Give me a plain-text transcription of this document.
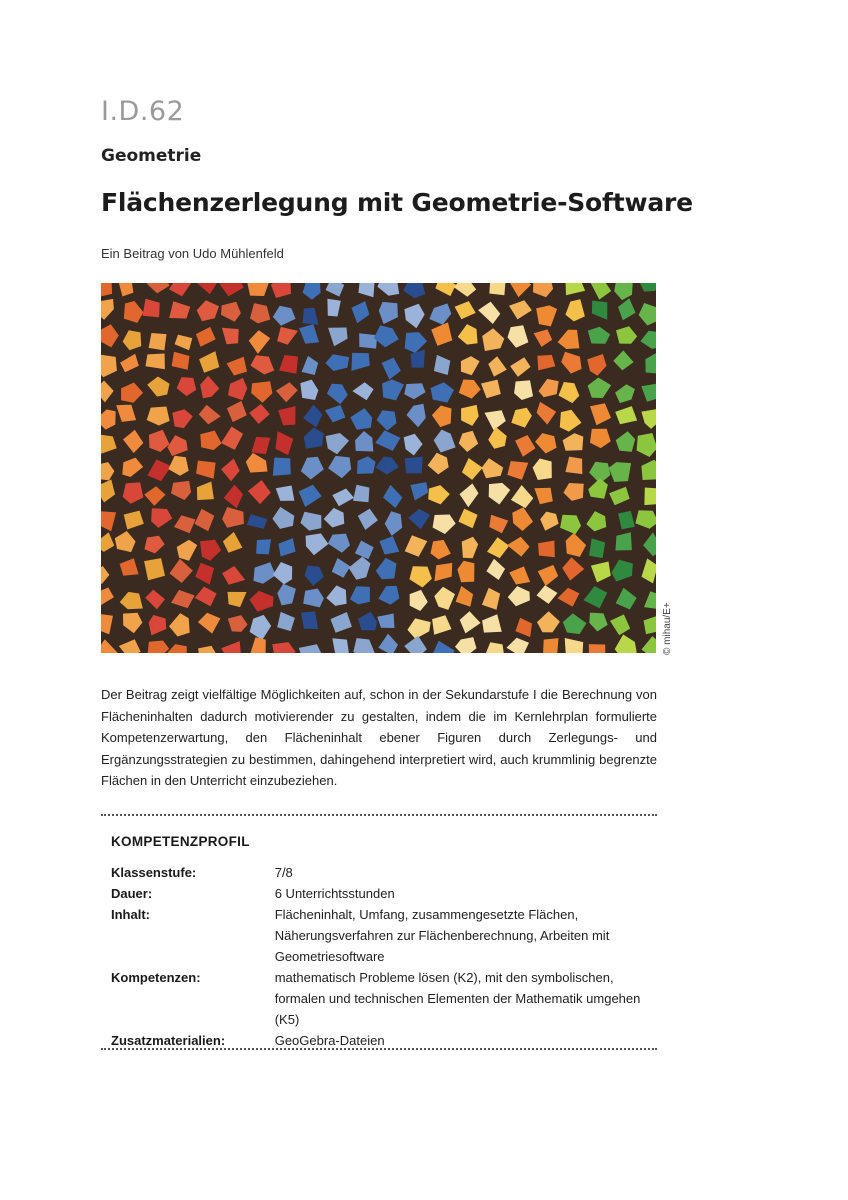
I.D.62
Geometrie
Flächenzerlegung mit Geometrie-Software
Ein Beitrag von Udo Mühlenfeld
© mihau/E+
Der Beitrag zeigt vielfältige Möglichkeiten auf, schon in der Sekundarstufe I die Berechnung von Flächeninhalten dadurch motivierender zu gestalten, indem die im Kernlehrplan formulierte Kompetenzerwartung, den Flächeninhalt ebener Figuren durch Zerlegungs- und Ergänzungsstrategien zu bestimmen, dahingehend interpretiert wird, auch krummlinig begrenzte Flächen in den Unterricht einzubeziehen.
KOMPETENZPROFIL
Klassenstufe:	7/8
Dauer:	6 Unterrichtsstunden
Inhalt:	Flächeninhalt, Umfang, zusammengesetzte Flächen, Näherungsverfahren zur Flächenberechnung, Arbeiten mit Geometriesoftware
Kompetenzen:	mathematisch Probleme lösen (K2), mit den symbolischen, formalen und technischen Elementen der Mathematik umgehen (K5)
Zusatzmaterialien:	GeoGebra-Dateien
